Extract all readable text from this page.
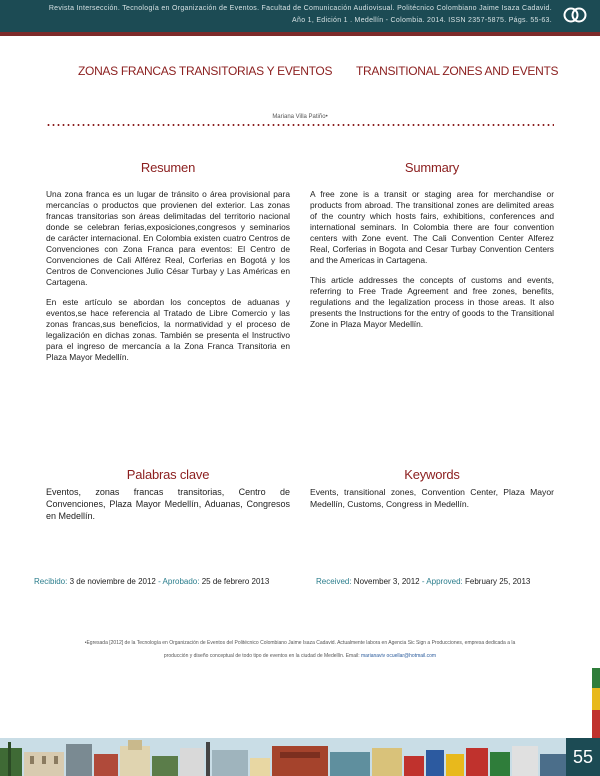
Revista Intersección. Tecnología en Organización de Eventos. Facultad de Comunicación Audiovisual. Politécnico Colombiano Jaime Isaza Cadavid.
Año 1, Edición 1 . Medellín - Colombia. 2014. ISSN 2357-5875. Págs. 55-63.
ZONAS FRANCAS TRANSITORIAS Y EVENTOS TRANSITIONAL ZONES AND EVENTS
Mariana Villa Patiño•
Resumen	Summary

Una zona franca es un lugar de tránsito o área provisional para mercancías o productos que provienen del exterior. Las zonas francas transitorias son áreas delimitadas del territorio nacional donde se celebran ferias,exposiciones,congresos y seminarios de carácter internacional. En Colombia existen cuatro Centros de Convenciones con Zona Franca para eventos: El Centro de Convenciones de Cali Alférez Real, Corferias en Bogotá y los Centros de Convenciones Julio César Turbay y Las Américas en Cartagena.

En este artículo se abordan los conceptos de aduanas y eventos,se hace referencia al Tratado de Libre Comercio y las zonas francas,sus beneficios, la normatividad y el proceso de legalización en dichas zonas. También se presenta el Instructivo para el ingreso de mercancía a la Zona Franca Transitoria en Plaza Mayor Medellín.

A free zone is a transit or staging area for merchandise or products from abroad. The transitional zones are delimited areas of the country which hosts fairs, exhibitions, conferences and international seminars. In Colombia there are four convention centers with Zone event. The Cali Convention Center Alferez Real, Corferias in Bogota and Cesar Turbay Convention Centers and the Americas in Cartagena.

This article addresses the concepts of customs and events, referring to Free Trade Agreement and free zones, benefits, regulations and the legalization process in those areas. It also presents the Instructions for the entry of goods to the Transitional Zone in Plaza Mayor Medellín.

Palabras clave	Keywords
Eventos, zonas francas transitorias, Centro de Convenciones, Plaza Mayor Medellín, Aduanas, Congresos en Medellín.
Events, transitional zones, Convention Center, Plaza Mayor Medellín, Customs, Congress in Medellín.
Recibido: 3 de noviembre de 2012 - Aprobado: 25 de febrero 2013	Received: November 3, 2012 - Approved: February 25, 2013
•Egresada [2012] de la Tecnología en Organización de Eventos del Politécnico Colombiano Jaime Isaza Cadavid. Actualmente labora en Agencia Sic Sign a Producciones, empresa dedicada a la
producción y diseño conceptual de todo tipo de eventos en la ciudad de Medellín. Email: marianaviv ocuellar@hotmail.com
55
